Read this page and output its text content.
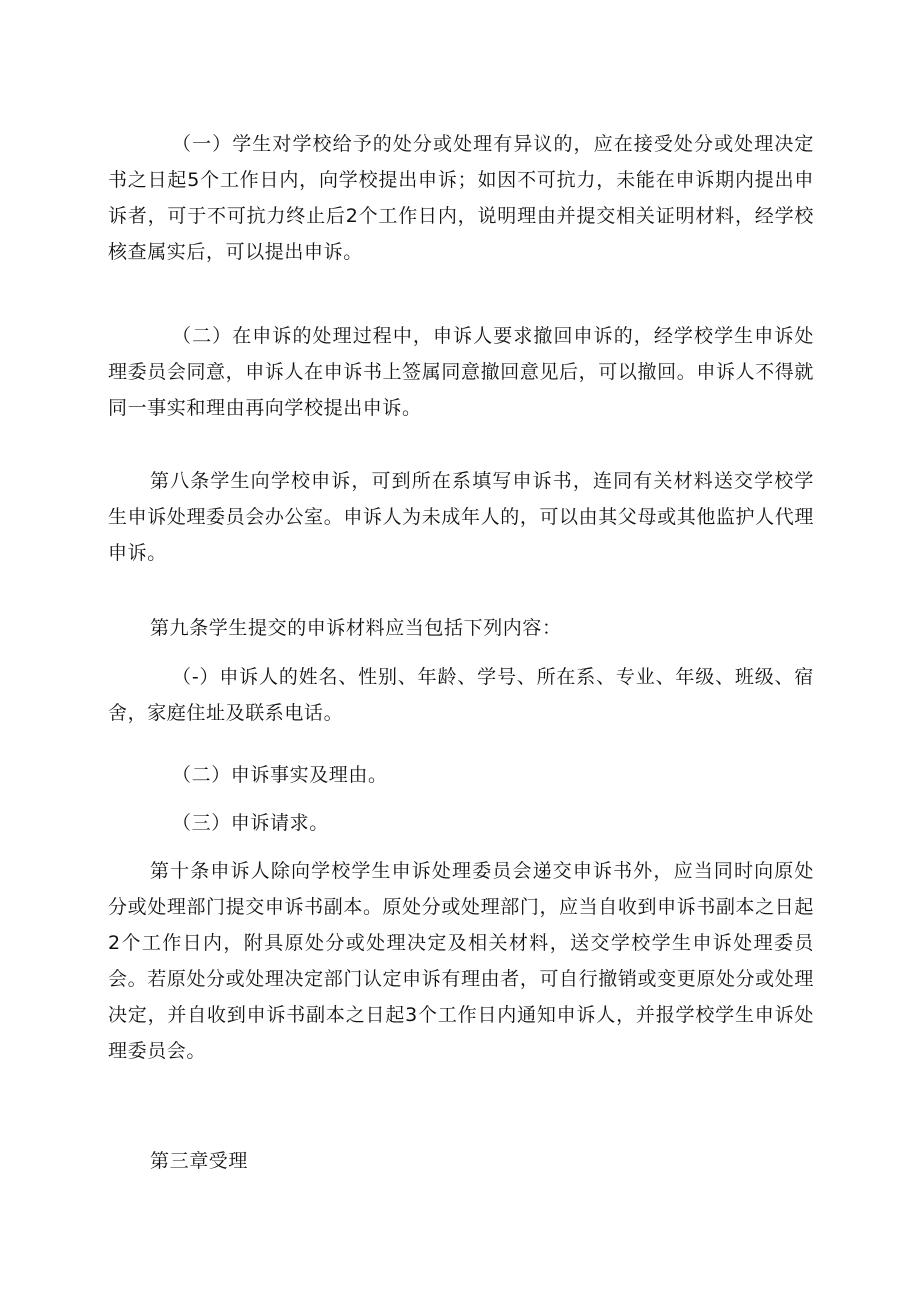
（一）学生对学校给予的处分或处理有异议的，应在接受处分或处理决定书之日起5个工作日内，向学校提出申诉；如因不可抗力，未能在申诉期内提出申诉者，可于不可抗力终止后2个工作日内，说明理由并提交相关证明材料，经学校核查属实后，可以提出申诉。

（二）在申诉的处理过程中，申诉人要求撤回申诉的，经学校学生申诉处理委员会同意，申诉人在申诉书上签属同意撤回意见后，可以撤回。申诉人不得就同一事实和理由再向学校提出申诉。

第八条学生向学校申诉，可到所在系填写申诉书，连同有关材料送交学校学生申诉处理委员会办公室。申诉人为未成年人的，可以由其父母或其他监护人代理申诉。

第九条学生提交的申诉材料应当包括下列内容：

（-）申诉人的姓名、性别、年龄、学号、所在系、专业、年级、班级、宿舍，家庭住址及联系电话。

（二）申诉事实及理由。

（三）申诉请求。

第十条申诉人除向学校学生申诉处理委员会递交申诉书外，应当同时向原处分或处理部门提交申诉书副本。原处分或处理部门，应当自收到申诉书副本之日起2个工作日内，附具原处分或处理决定及相关材料，送交学校学生申诉处理委员会。若原处分或处理决定部门认定申诉有理由者，可自行撤销或变更原处分或处理决定，并自收到申诉书副本之日起3个工作日内通知申诉人，并报学校学生申诉处理委员会。

第三章受理
